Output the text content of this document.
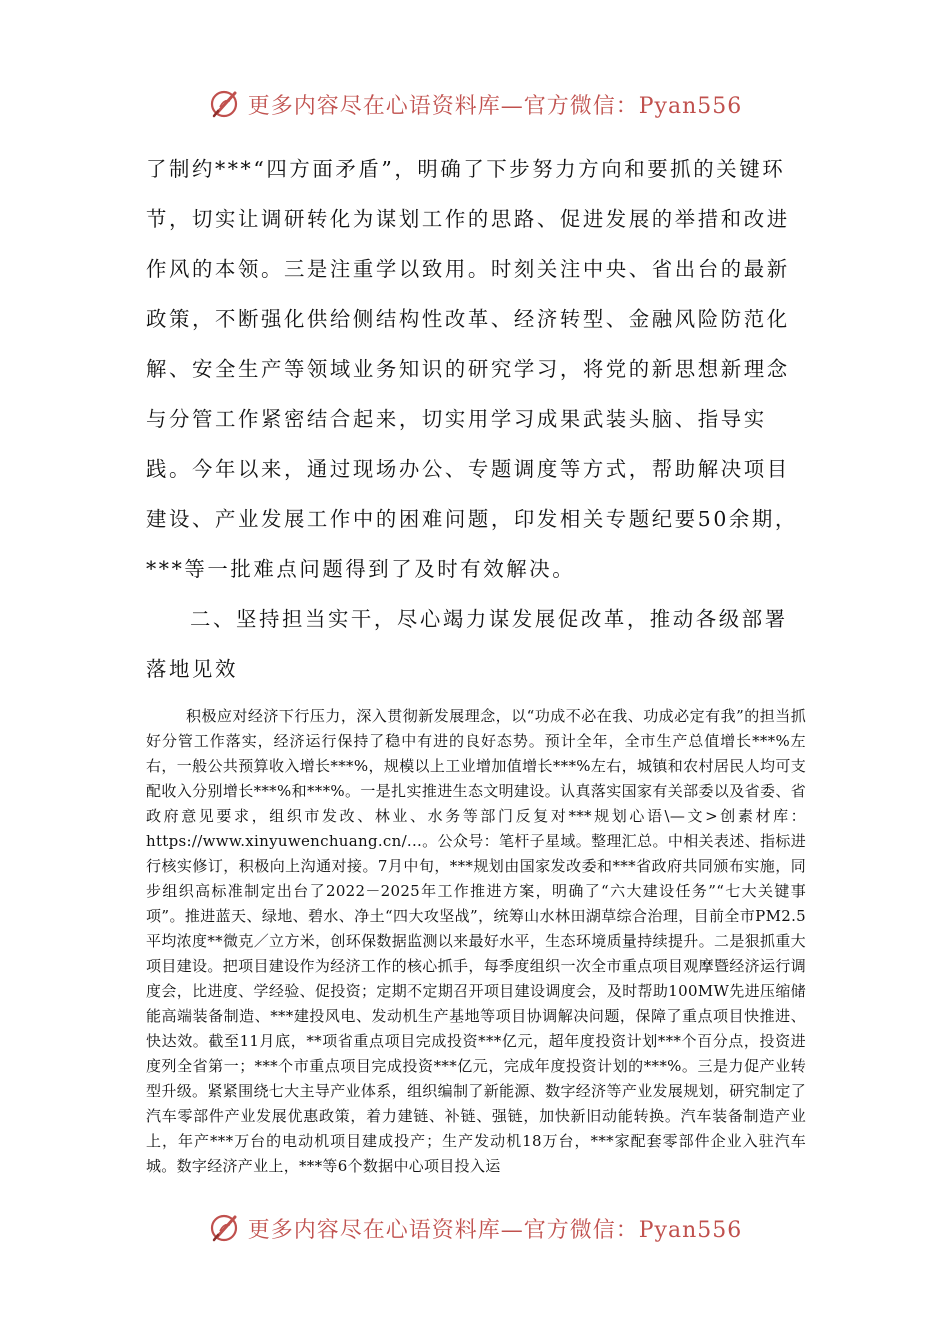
更多内容尽在心语资料库—官方微信：Pyan556

了制约***“四方面矛盾”，明确了下步努力方向和要抓的关键环节，切实让调研转化为谋划工作的思路、促进发展的举措和改进作风的本领。三是注重学以致用。时刻关注中央、省出台的最新政策，不断强化供给侧结构性改革、经济转型、金融风险防范化解、安全生产等领域业务知识的研究学习，将党的新思想新理念与分管工作紧密结合起来，切实用学习成果武装头脑、指导实践。今年以来，通过现场办公、专题调度等方式，帮助解决项目建设、产业发展工作中的困难问题，印发相关专题纪要50余期，***等一批难点问题得到了及时有效解决。

二、坚持担当实干，尽心竭力谋发展促改革，推动各级部署落地见效

积极应对经济下行压力，深入贯彻新发展理念，以“功成不必在我、功成必定有我”的担当抓好分管工作落实，经济运行保持了稳中有进的良好态势。预计全年，全市生产总值增长***%左右，一般公共预算收入增长***%，规模以上工业增加值增长***%左右，城镇和农村居民人均可支配收入分别增长***%和***%。一是扎实推进生态文明建设。认真落实国家有关部委以及省委、省政府意见要求，组织市发改、林业、水务等部门反复对***规划心语\—文>创素材库：https://www.xinyuwenchuang.cn/...。公众号：笔杆子星域。整理汇总。中相关表述、指标进行核实修订，积极向上沟通对接。7月中旬，***规划由国家发改委和***省政府共同颁布实施，同步组织高标准制定出台了2022－2025年工作推进方案，明确了“六大建设任务”“七大关键事项”。推进蓝天、绿地、碧水、净土“四大攻坚战”，统筹山水林田湖草综合治理，目前全市PM2.5平均浓度**微克／立方米，创环保数据监测以来最好水平，生态环境质量持续提升。二是狠抓重大项目建设。把项目建设作为经济工作的核心抓手，每季度组织一次全市重点项目观摩暨经济运行调度会，比进度、学经验、促投资；定期不定期召开项目建设调度会，及时帮助100MW先进压缩储能高端装备制造、***建投风电、发动机生产基地等项目协调解决问题，保障了重点项目快推进、快达效。截至11月底，**项省重点项目完成投资***亿元，超年度投资计划***个百分点，投资进度列全省第一；***个市重点项目完成投资***亿元，完成年度投资计划的***%。三是力促产业转型升级。紧紧围绕七大主导产业体系，组织编制了新能源、数字经济等产业发展规划，研究制定了汽车零部件产业发展优惠政策，着力建链、补链、强链，加快新旧动能转换。汽车装备制造产业上，年产***万台的电动机项目建成投产；生产发动机18万台，***家配套零部件企业入驻汽车城。数字经济产业上，***等6个数据中心项目投入运

更多内容尽在心语资料库—官方微信：Pyan556
